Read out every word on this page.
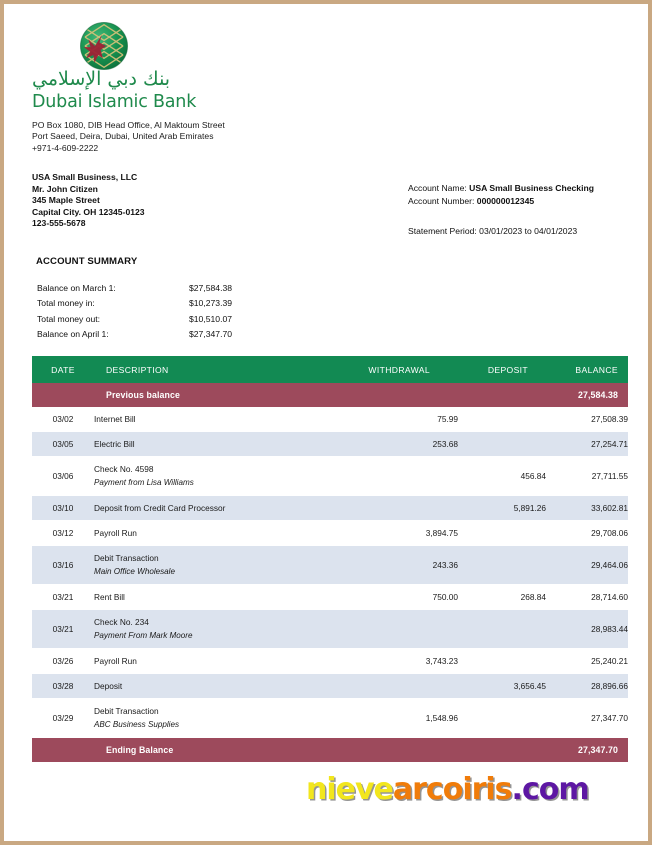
بنك دبي الإسلامي
Dubai Islamic Bank
PO Box 1080, DIB Head Office, Al Maktoum Street
Port Saeed, Deira, Dubai, United Arab Emirates
+971-4-609-2222
USA Small Business, LLC
Mr. John Citizen
345 Maple Street
Capital City. OH 12345-0123
123-555-5678
Account Name: USA Small Business Checking
Account Number: 000000012345
Statement Period: 03/01/2023 to 04/01/2023
ACCOUNT SUMMARY
Balance on March 1:	$27,584.38
Total money in:	$10,273.39
Total money out:	$10,510.07
Balance on April 1:	$27,347.70
DATE	DESCRIPTION	WITHDRAWAL	DEPOSIT	BALANCE
	Previous balance			27,584.38
03/02	Internet Bill	75.99		27,508.39
03/05	Electric Bill	253.68		27,254.71
03/06	Check No. 4598
Payment from Lisa Williams		456.84	27,711.55
03/10	Deposit from Credit Card Processor		5,891.26	33,602.81
03/12	Payroll Run	3,894.75		29,708.06
03/16	Debit Transaction
Main Office Wholesale	243.36		29,464.06
03/21	Rent Bill	750.00	268.84	28,714.60
03/21	Check No. 234
Payment From Mark Moore			28,983.44
03/26	Payroll Run	3,743.23		25,240.21
03/28	Deposit		3,656.45	28,896.66
03/29	Debit Transaction
ABC Business Supplies	1,548.96		27,347.70
	Ending Balance			27,347.70
nievearcoiris.com
